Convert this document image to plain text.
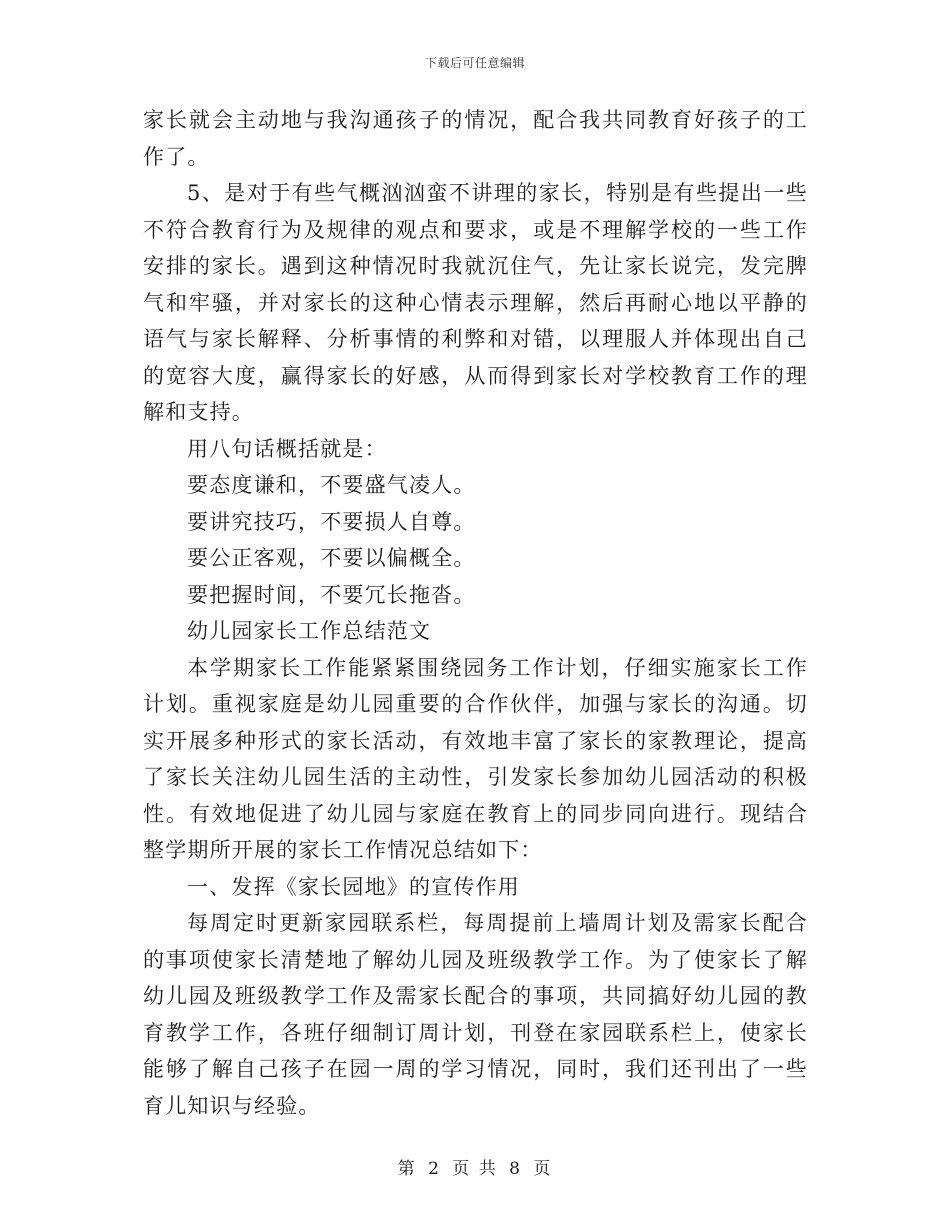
下载后可任意编辑

家长就会主动地与我沟通孩子的情况，配合我共同教育好孩子的工作了。

5、是对于有些气概汹汹蛮不讲理的家长，特别是有些提出一些不符合教育行为及规律的观点和要求，或是不理解学校的一些工作安排的家长。遇到这种情况时我就沉住气，先让家长说完，发完脾气和牢骚，并对家长的这种心情表示理解，然后再耐心地以平静的语气与家长解释、分析事情的利弊和对错，以理服人并体现出自己的宽容大度，赢得家长的好感，从而得到家长对学校教育工作的理解和支持。

用八句话概括就是：

要态度谦和，不要盛气凌人。

要讲究技巧，不要损人自尊。

要公正客观，不要以偏概全。

要把握时间，不要冗长拖沓。

幼儿园家长工作总结范文

本学期家长工作能紧紧围绕园务工作计划，仔细实施家长工作计划。重视家庭是幼儿园重要的合作伙伴，加强与家长的沟通。切实开展多种形式的家长活动，有效地丰富了家长的家教理论，提高了家长关注幼儿园生活的主动性，引发家长参加幼儿园活动的积极性。有效地促进了幼儿园与家庭在教育上的同步同向进行。现结合整学期所开展的家长工作情况总结如下：

一、发挥《家长园地》的宣传作用

每周定时更新家园联系栏，每周提前上墙周计划及需家长配合的事项使家长清楚地了解幼儿园及班级教学工作。为了使家长了解幼儿园及班级教学工作及需家长配合的事项，共同搞好幼儿园的教育教学工作，各班仔细制订周计划，刊登在家园联系栏上，使家长能够了解自己孩子在园一周的学习情况，同时，我们还刊出了一些育儿知识与经验。

第 2 页 共 8 页
